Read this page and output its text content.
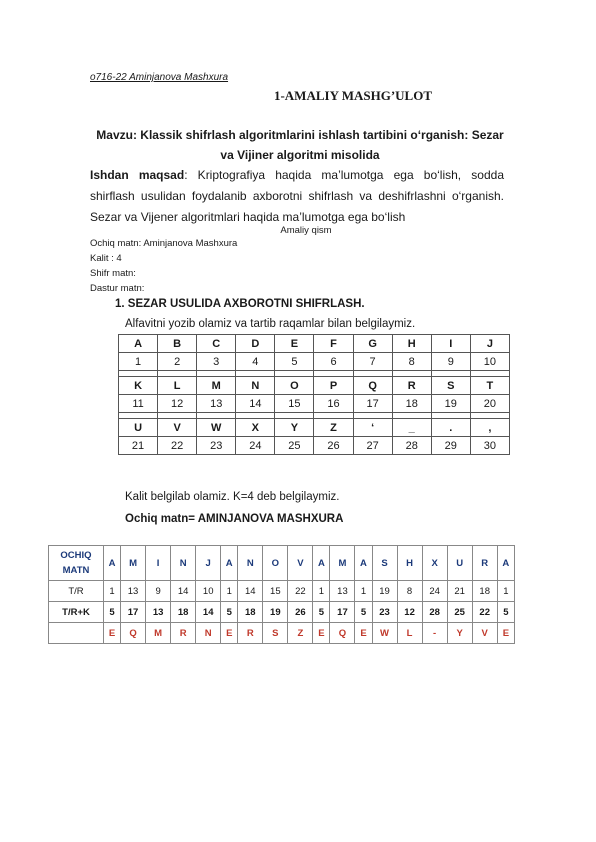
o716-22 Aminjanova Mashxura
1-AMALIY MASHG’ULOT
Mavzu: Klassik shifrlash algoritmlarini ishlash tartibini o‘rganish: Sezar va Vijiner algoritmi misolida
Ishdan maqsad: Kriptografiya haqida ma’lumotga ega bo‘lish, sodda shirflash usulidan foydalanib axborotni shifrlash va deshifrlashni o‘rganish. Sezar va Vijener algoritmlari haqida ma’lumotga ega bo‘lish
Amaliy qism
Ochiq matn: Aminjanova Mashxura
Kalit : 4
Shifr matn:
Dastur matn:
1. SEZAR USULIDA AXBOROTNI SHIFRLASH.
Alfavitni yozib olamiz va tartib raqamlar bilan belgilaymiz.
A	B	C	D	E	F	G	H	I	J
1	2	3	4	5	6	7	8	9	10

K	L	M	N	O	P	Q	R	S	T
11	12	13	14	15	16	17	18	19	20

U	V	W	X	Y	Z	‘	_	.	,
21	22	23	24	25	26	27	28	29	30
Kalit belgilab olamiz. K=4 deb belgilaymiz.
Ochiq matn= AMINJANOVA MASHXURA
OCHIQ MATN	A	M	I	N	J	A	N	O	V	A	M	A	S	H	X	U	R	A
T/R	1	13	9	14	10	1	14	15	22	1	13	1	19	8	24	21	18	1
T/R+K	5	17	13	18	14	5	18	19	26	5	17	5	23	12	28	25	22	5
	E	Q	M	R	N	E	R	S	Z	E	Q	E	W	L	-	Y	V	E
